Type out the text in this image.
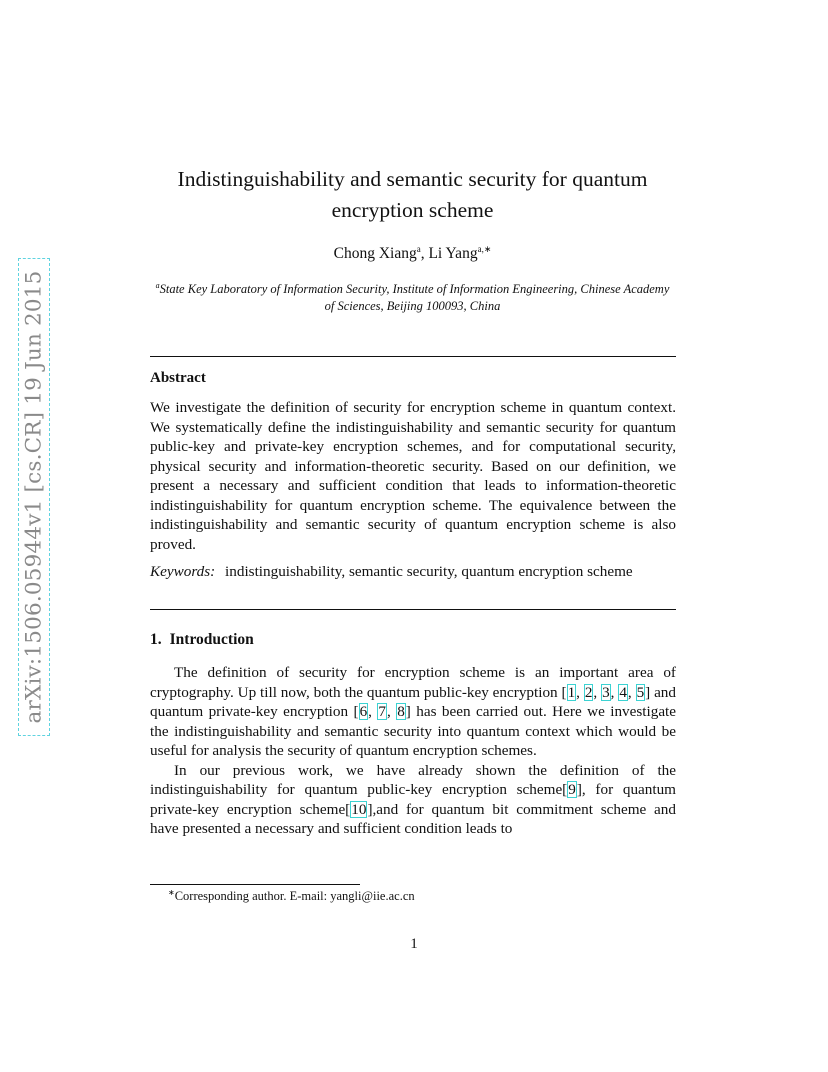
arXiv:1506.05944v1 [cs.CR] 19 Jun 2015
Indistinguishability and semantic security for quantum encryption scheme
Chong Xiang$^a$, Li Yang$^{a,∗}$
$^a$State Key Laboratory of Information Security, Institute of Information Engineering, Chinese Academy of Sciences, Beijing 100093, China
Abstract
We investigate the definition of security for encryption scheme in quantum context. We systematically define the indistinguishability and semantic security for quantum public-key and private-key encryption schemes, and for computational security, physical security and information-theoretic security. Based on our definition, we present a necessary and sufficient condition that leads to information-theoretic indistinguishability for quantum encryption scheme. The equivalence between the indistinguishability and semantic security of quantum encryption scheme is also proved.
Keywords: indistinguishability, semantic security, quantum encryption scheme
1. Introduction

The definition of security for encryption scheme is an important area of cryptography. Up till now, both the quantum public-key encryption [1, 2, 3, 4, 5] and quantum private-key encryption [6, 7, 8] has been carried out. Here we investigate the indistinguishability and semantic security into quantum context which would be useful for analysis the security of quantum encryption schemes.

In our previous work, we have already shown the definition of the indistinguishability for quantum public-key encryption scheme[9], for quantum private-key encryption scheme[10],and for quantum bit commitment scheme and have presented a necessary and sufficient condition leads to

∗Corresponding author. E-mail: yangli@iie.ac.cn
1
